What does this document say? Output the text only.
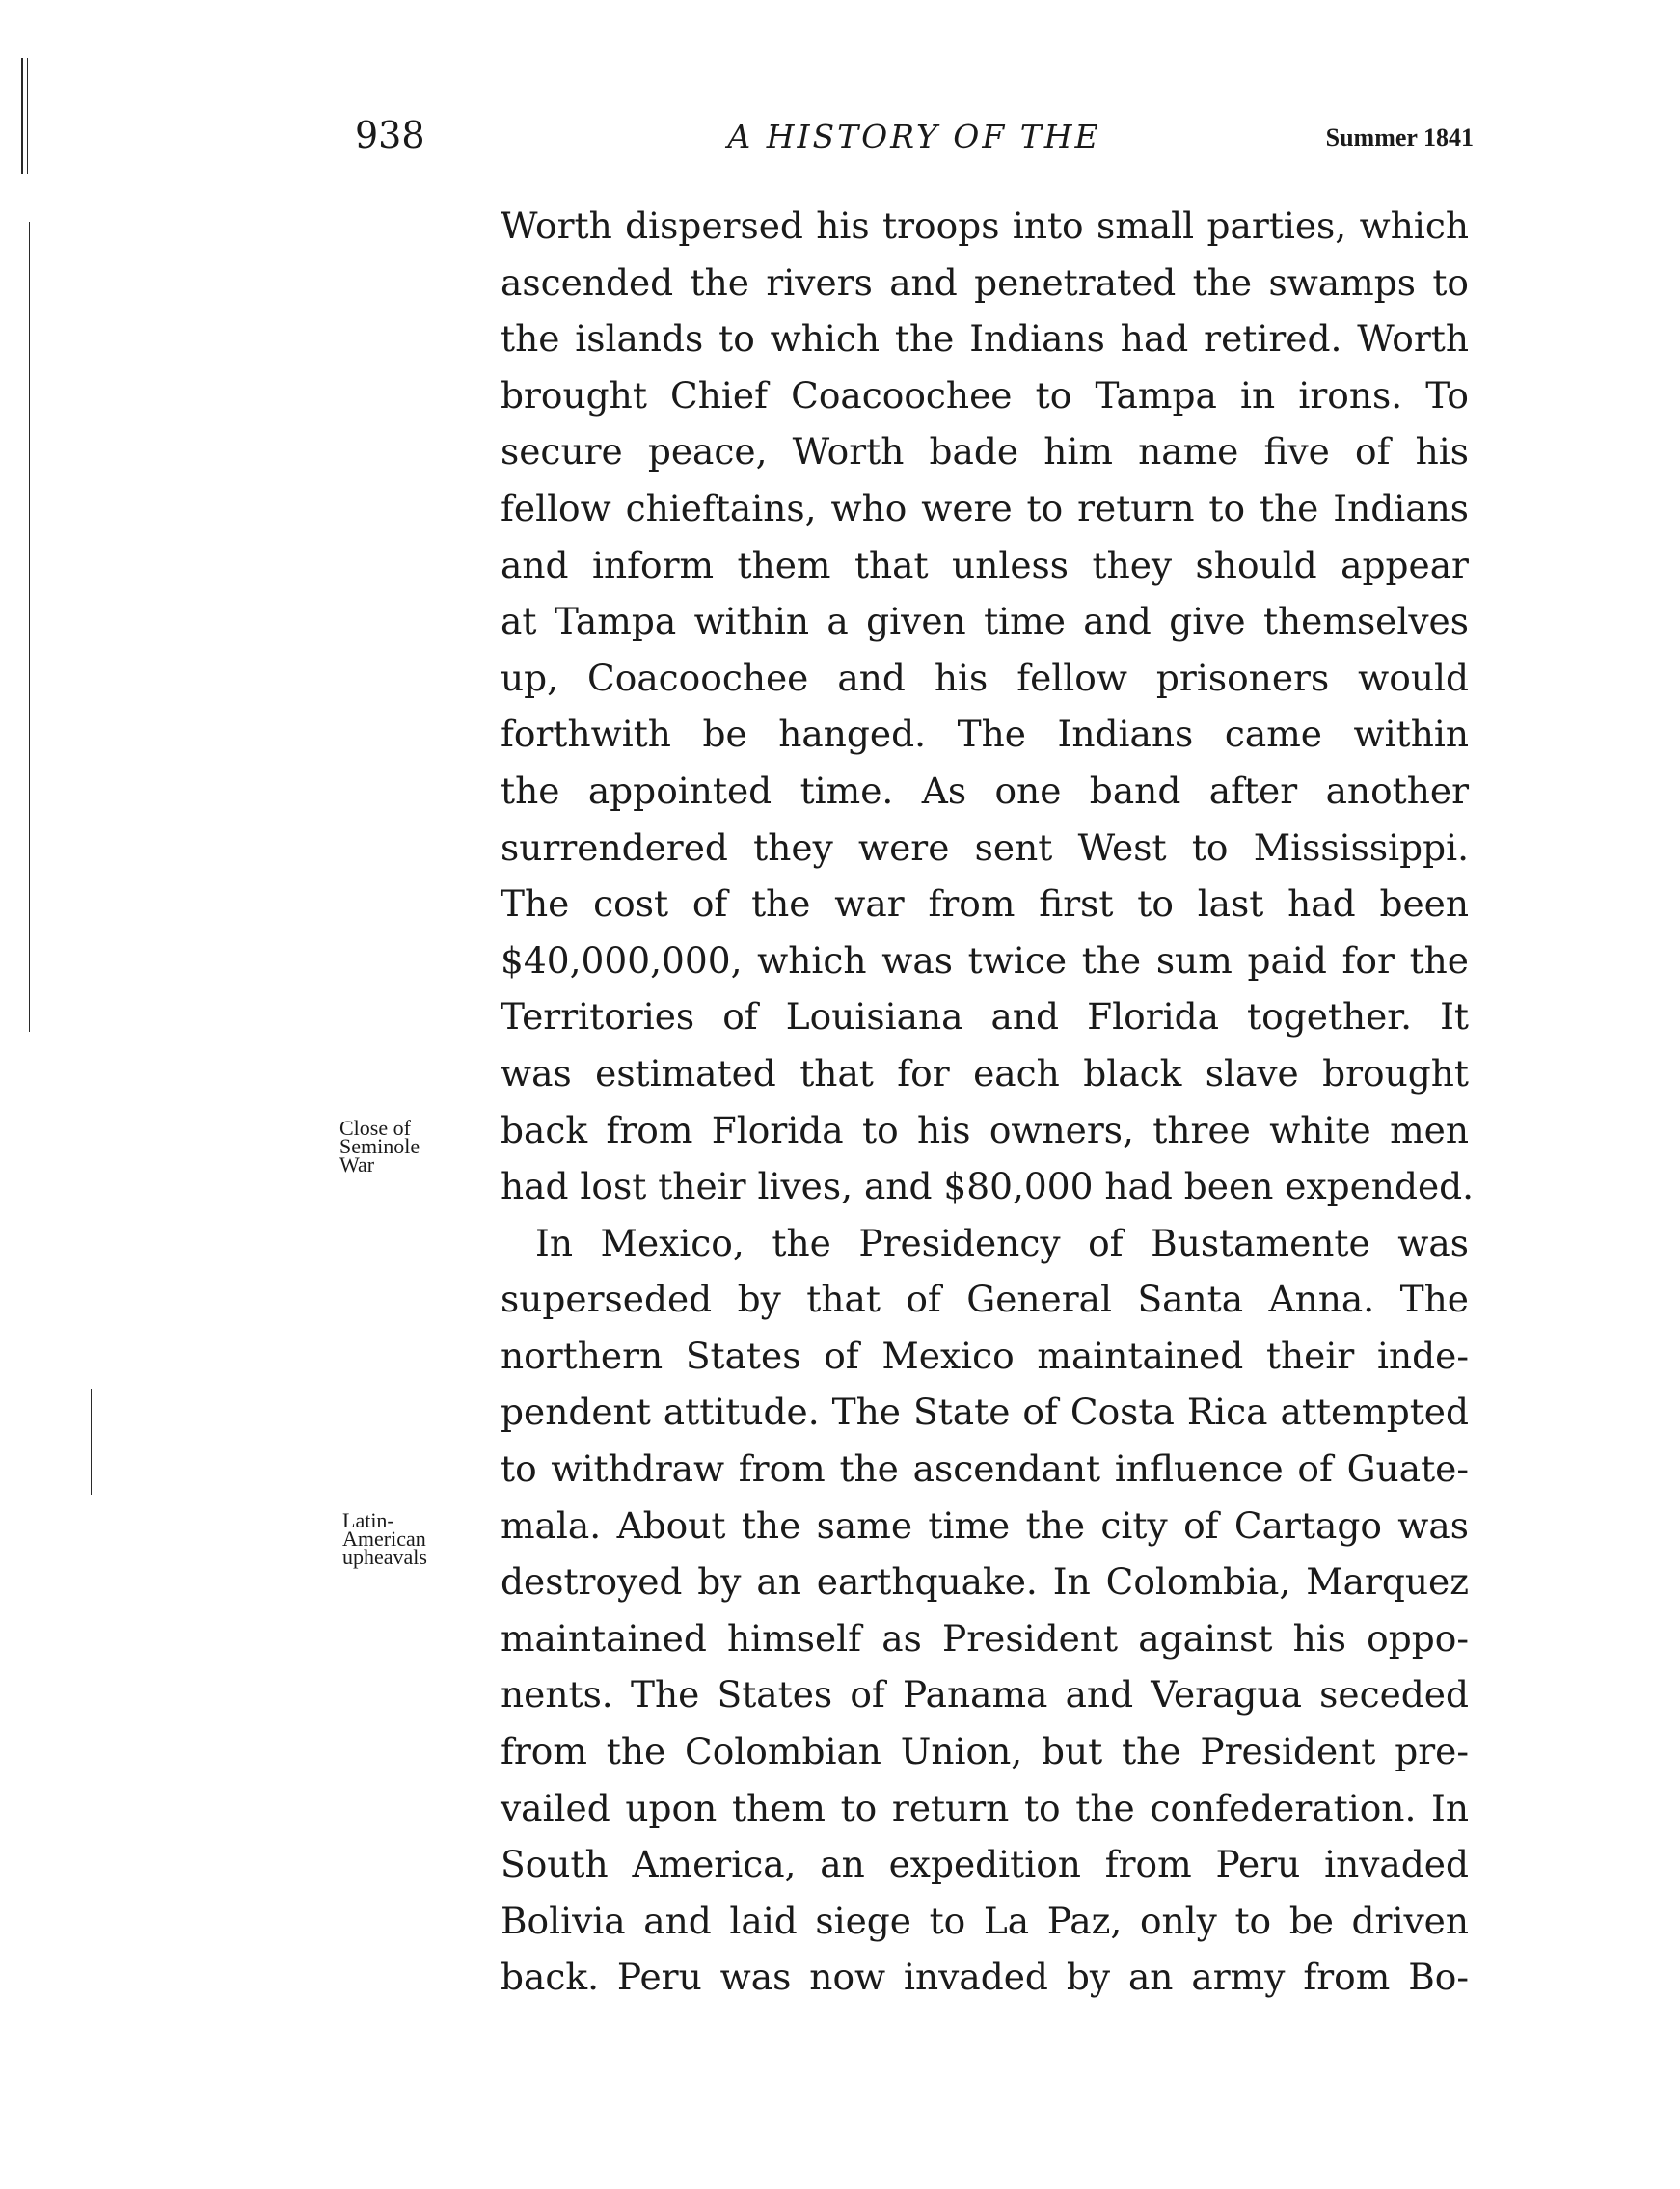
938	A HISTORY OF THE	Summer 1841
Close of
Seminole
War
Latin-
American
upheavals

Worth dispersed his troops into small parties, which
ascended the rivers and penetrated the swamps to
the islands to which the Indians had retired. Worth
brought Chief Coacoochee to Tampa in irons. To
secure peace, Worth bade him name five of his
fellow chieftains, who were to return to the Indians
and inform them that unless they should appear
at Tampa within a given time and give themselves
up, Coacoochee and his fellow prisoners would
forthwith be hanged. The Indians came within
the appointed time. As one band after another
surrendered they were sent West to Mississippi.
The cost of the war from first to last had been
$40,000,000, which was twice the sum paid for the
Territories of Louisiana and Florida together. It
was estimated that for each black slave brought
back from Florida to his owners, three white men
had lost their lives, and $80,000 had been expended.

In Mexico, the Presidency of Bustamente was
superseded by that of General Santa Anna. The
northern States of Mexico maintained their inde-
pendent attitude. The State of Costa Rica attempted
to withdraw from the ascendant influence of Guate-
mala. About the same time the city of Cartago was
destroyed by an earthquake. In Colombia, Marquez
maintained himself as President against his oppo-
nents. The States of Panama and Veragua seceded
from the Colombian Union, but the President pre-
vailed upon them to return to the confederation. In
South America, an expedition from Peru invaded
Bolivia and laid siege to La Paz, only to be driven
back. Peru was now invaded by an army from Bo-
